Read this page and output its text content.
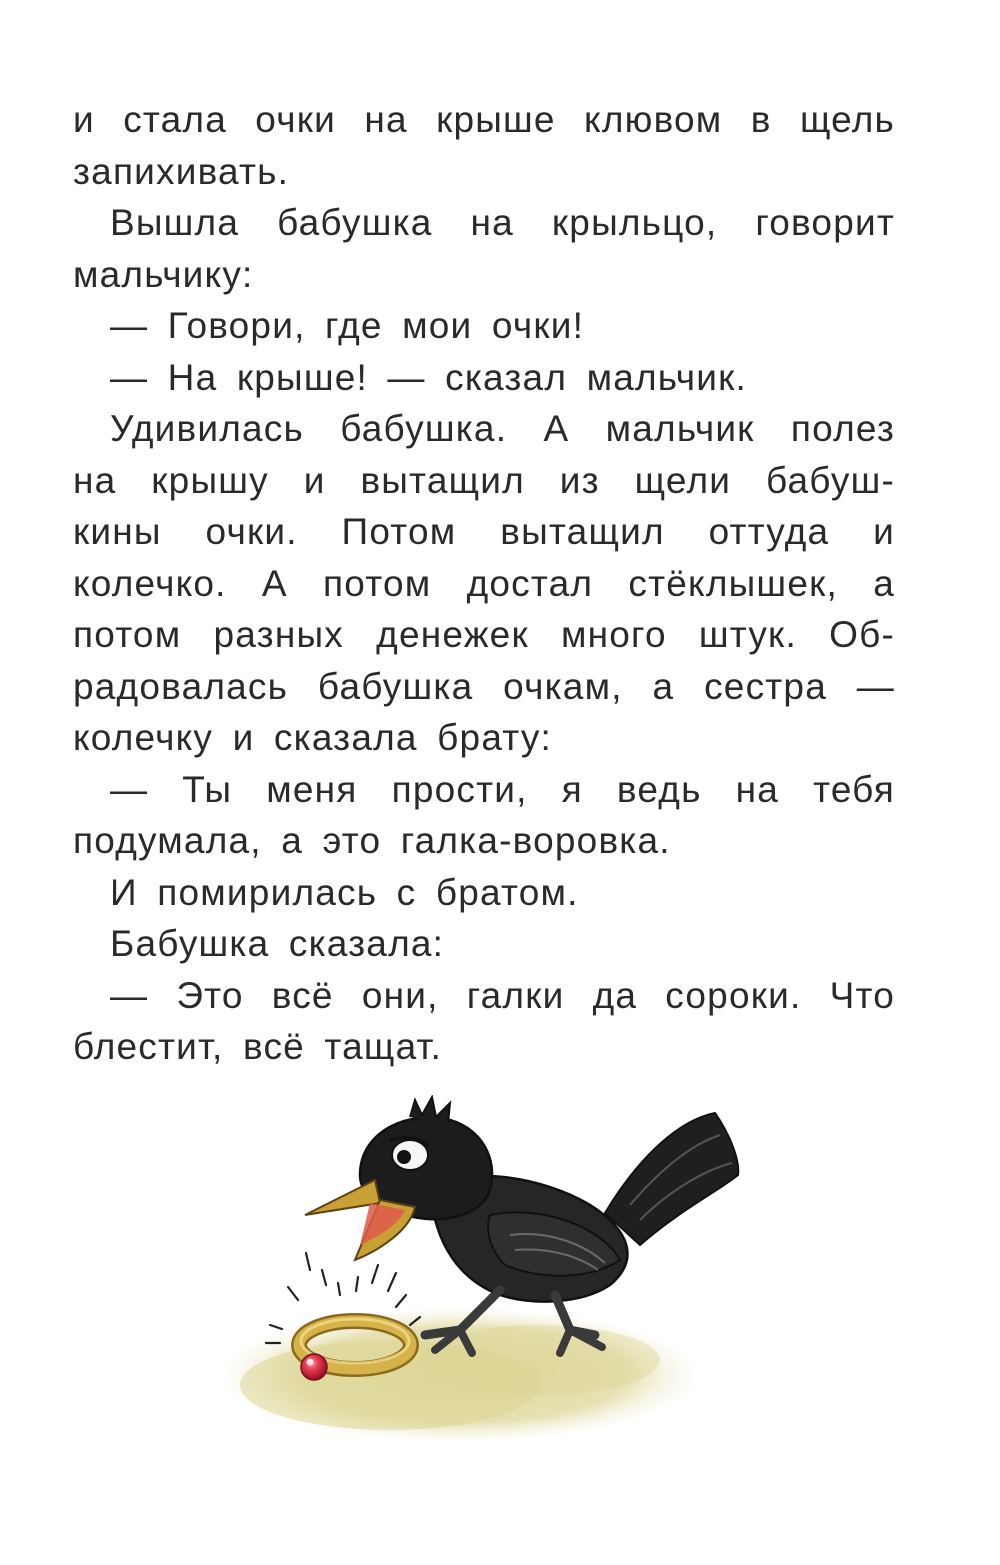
и стала очки на крыше клювом в щель
запихивать.
Вышла бабушка на крыльцо, говорит
мальчику:
— Говори, где мои очки!
— На крыше! — сказал мальчик.
Удивилась бабушка. А мальчик полез
на крышу и вытащил из щели бабуш-
кины очки. Потом вытащил оттуда и
колечко. А потом достал стёклышек, а
потом разных денежек много штук. Об-
радовалась бабушка очкам, а сестра —
колечку и сказала брату:
— Ты меня прости, я ведь на тебя
подумала, а это галка-воровка.
И помирилась с братом.
Бабушка сказала:
— Это всё они, галки да сороки. Что
блестит, всё тащат.
